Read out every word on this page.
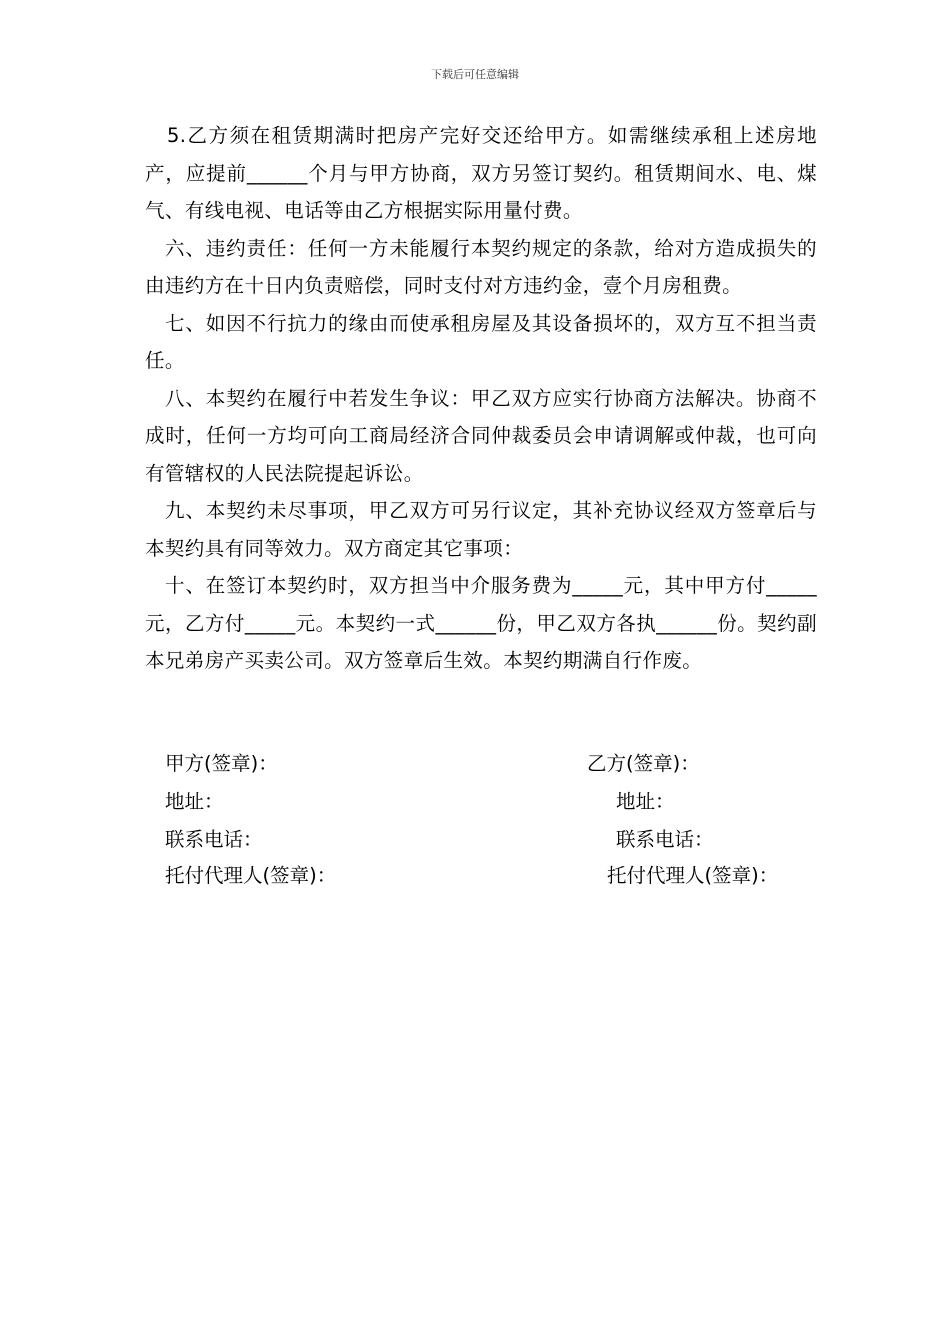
下载后可任意编辑

5.乙方须在租赁期满时把房产完好交还给甲方。如需继续承租上述房地产，应提前______个月与甲方协商，双方另签订契约。租赁期间水、电、煤气、有线电视、电话等由乙方根据实际用量付费。

六、违约责任：任何一方未能履行本契约规定的条款，给对方造成损失的由违约方在十日内负责赔偿，同时支付对方违约金，壹个月房租费。

七、如因不行抗力的缘由而使承租房屋及其设备损坏的，双方互不担当责任。

八、本契约在履行中若发生争议：甲乙双方应实行协商方法解决。协商不成时，任何一方均可向工商局经济合同仲裁委员会申请调解或仲裁，也可向有管辖权的人民法院提起诉讼。

九、本契约未尽事项，甲乙双方可另行议定，其补充协议经双方签章后与本契约具有同等效力。双方商定其它事项：

十、在签订本契约时，双方担当中介服务费为_____元，其中甲方付_____元，乙方付_____元。本契约一式______份，甲乙双方各执______份。契约副本兄弟房产买卖公司。双方签章后生效。本契约期满自行作废。

甲方(签章)：	乙方(签章)：
地址：	地址：
联系电话：	联系电话：
托付代理人(签章)：	托付代理人(签章)：
